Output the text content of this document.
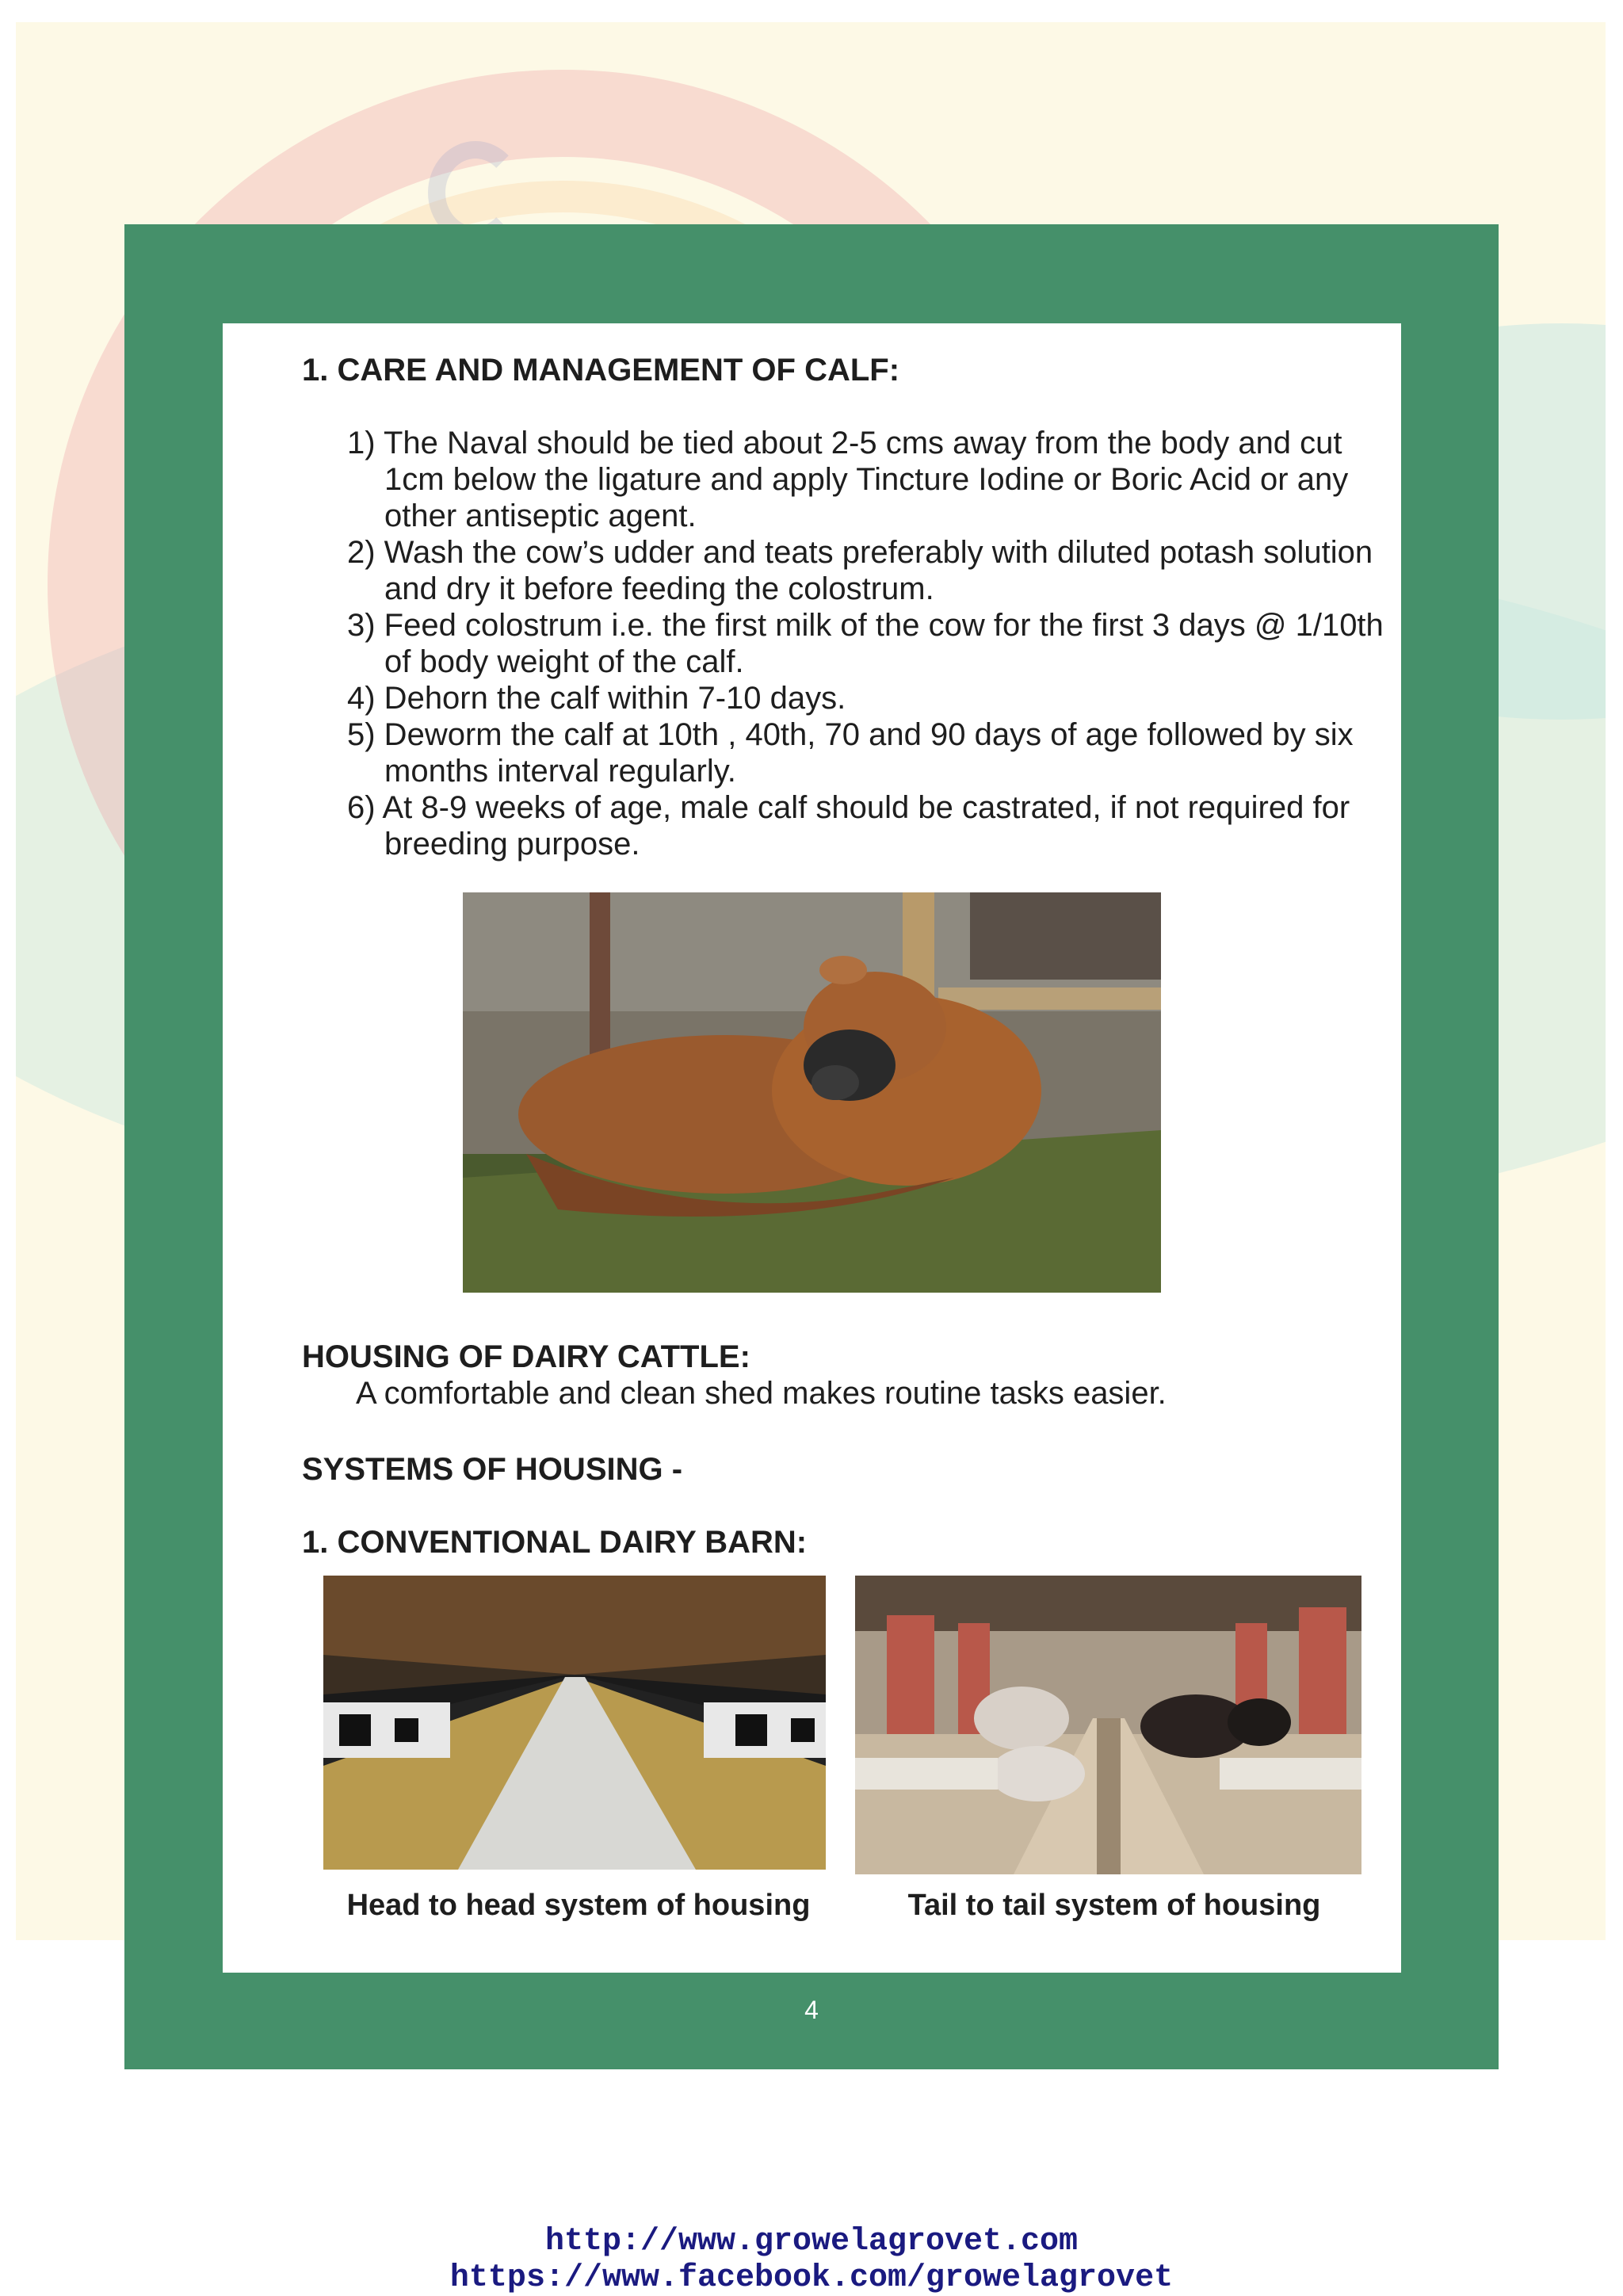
1. CARE AND MANAGEMENT OF CALF:
1) The Naval should be tied about 2-5 cms away from the body and cut 1cm below the ligature and apply Tincture Iodine or Boric Acid or any other antiseptic agent.
2) Wash the cow’s udder and teats preferably with diluted potash solution and dry it before feeding the colostrum.
3) Feed colostrum i.e. the first milk of the cow for the first 3 days @ 1/10th of body weight of the calf.
4) Dehorn the calf within 7-10 days.
5) Deworm the calf at 10th , 40th, 70 and 90 days of age followed by six months interval regularly.
6) At 8-9 weeks of age, male calf should be castrated, if not required for breeding purpose.
HOUSING OF DAIRY CATTLE:

A comfortable and clean shed makes routine tasks easier.

SYSTEMS OF HOUSING -
1. CONVENTIONAL DAIRY BARN:

Head to head system of housing	Tail to tail system of housing

4
http://www.growelagrovet.com
https://www.facebook.com/growelagrovet
